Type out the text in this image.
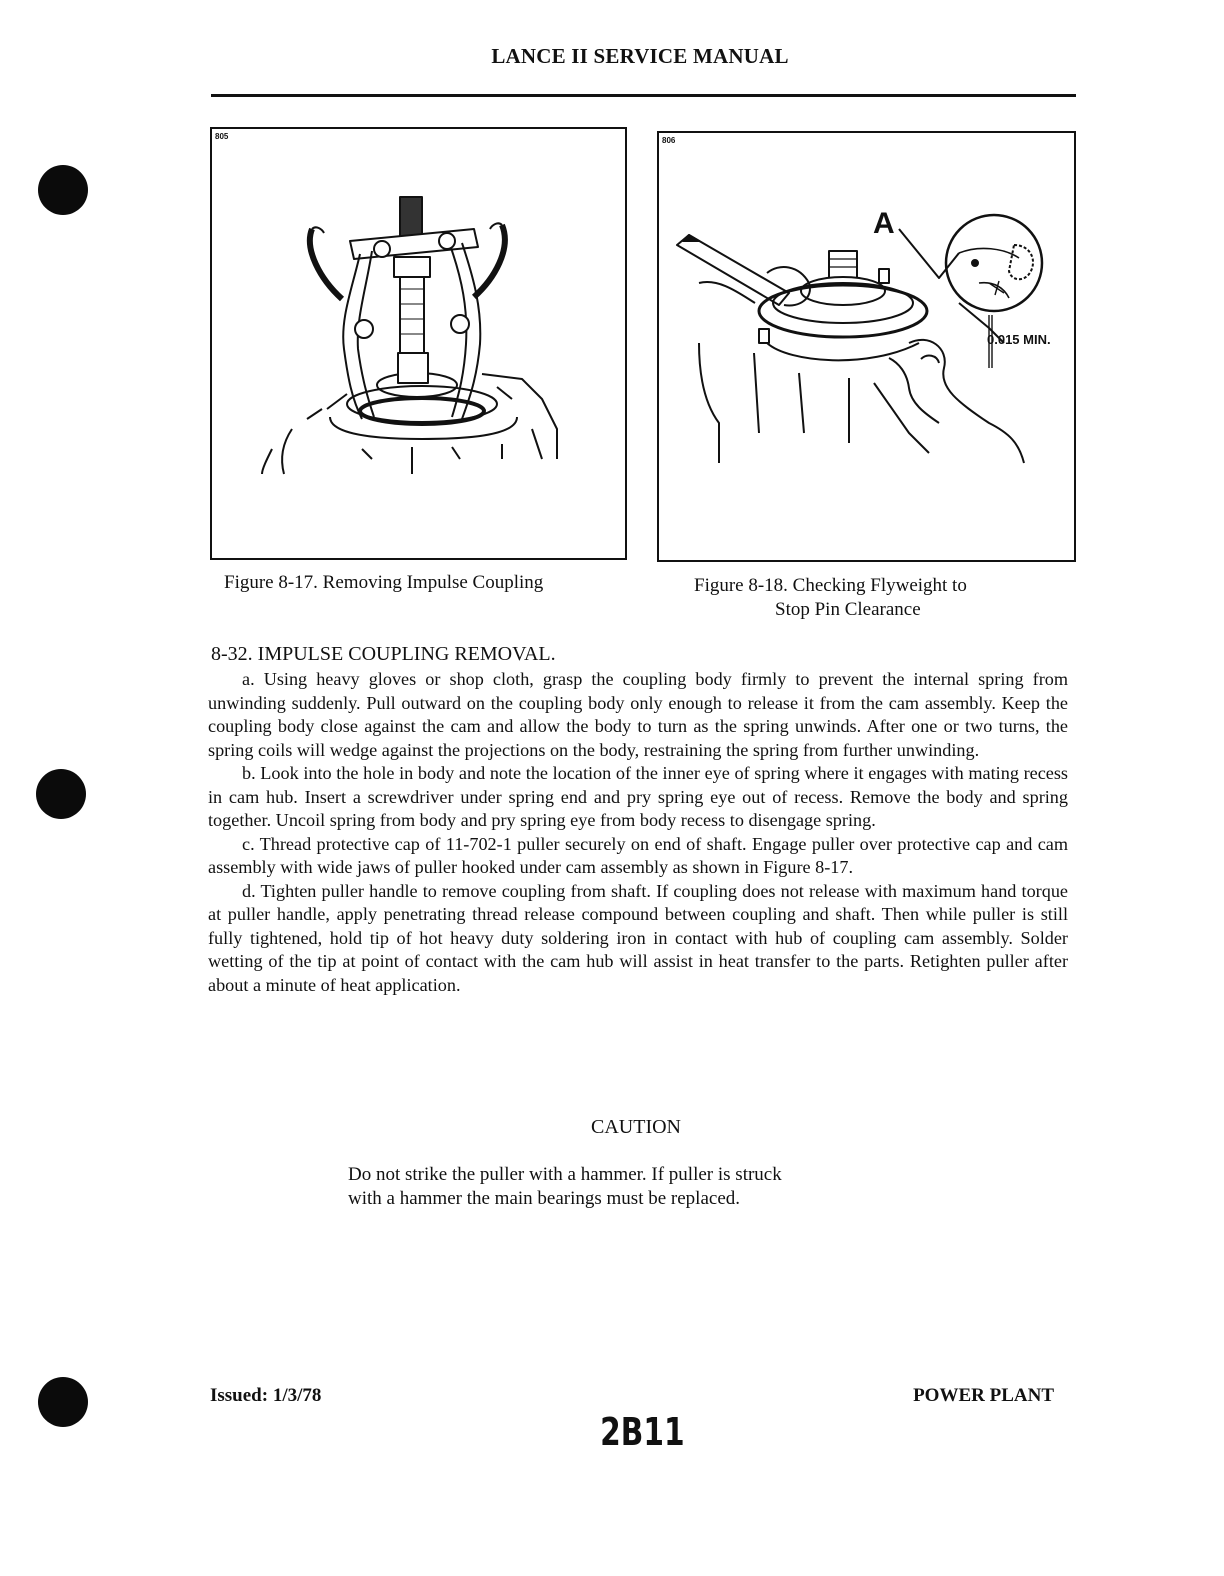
LANCE II SERVICE MANUAL
805
Figure 8-17. Removing Impulse Coupling
806
A
0.015 MIN.
Figure 8-18. Checking Flyweight to
Stop Pin Clearance
8-32. IMPULSE COUPLING REMOVAL.

a. Using heavy gloves or shop cloth, grasp the coupling body firmly to prevent the internal spring from unwinding suddenly. Pull outward on the coupling body only enough to release it from the cam assembly. Keep the coupling body close against the cam and allow the body to turn as the spring unwinds. After one or two turns, the spring coils will wedge against the projections on the body, restraining the spring from further unwinding.

b. Look into the hole in body and note the location of the inner eye of spring where it engages with mating recess in cam hub. Insert a screwdriver under spring end and pry spring eye out of recess. Remove the body and spring together. Uncoil spring from body and pry spring eye from body recess to disengage spring.

c. Thread protective cap of 11-702-1 puller securely on end of shaft. Engage puller over protective cap and cam assembly with wide jaws of puller hooked under cam assembly as shown in Figure 8-17.

d. Tighten puller handle to remove coupling from shaft. If coupling does not release with maximum hand torque at puller handle, apply penetrating thread release compound between coupling and shaft. Then while puller is still fully tightened, hold tip of hot heavy duty soldering iron in contact with hub of coupling cam assembly. Solder wetting of the tip at point of contact with the cam hub will assist in heat transfer to the parts. Retighten puller after about a minute of heat application.

CAUTION
Do not strike the puller with a hammer. If puller is struck
with a hammer the main bearings must be replaced.
Issued: 1/3/78	POWER PLANT
2B11
